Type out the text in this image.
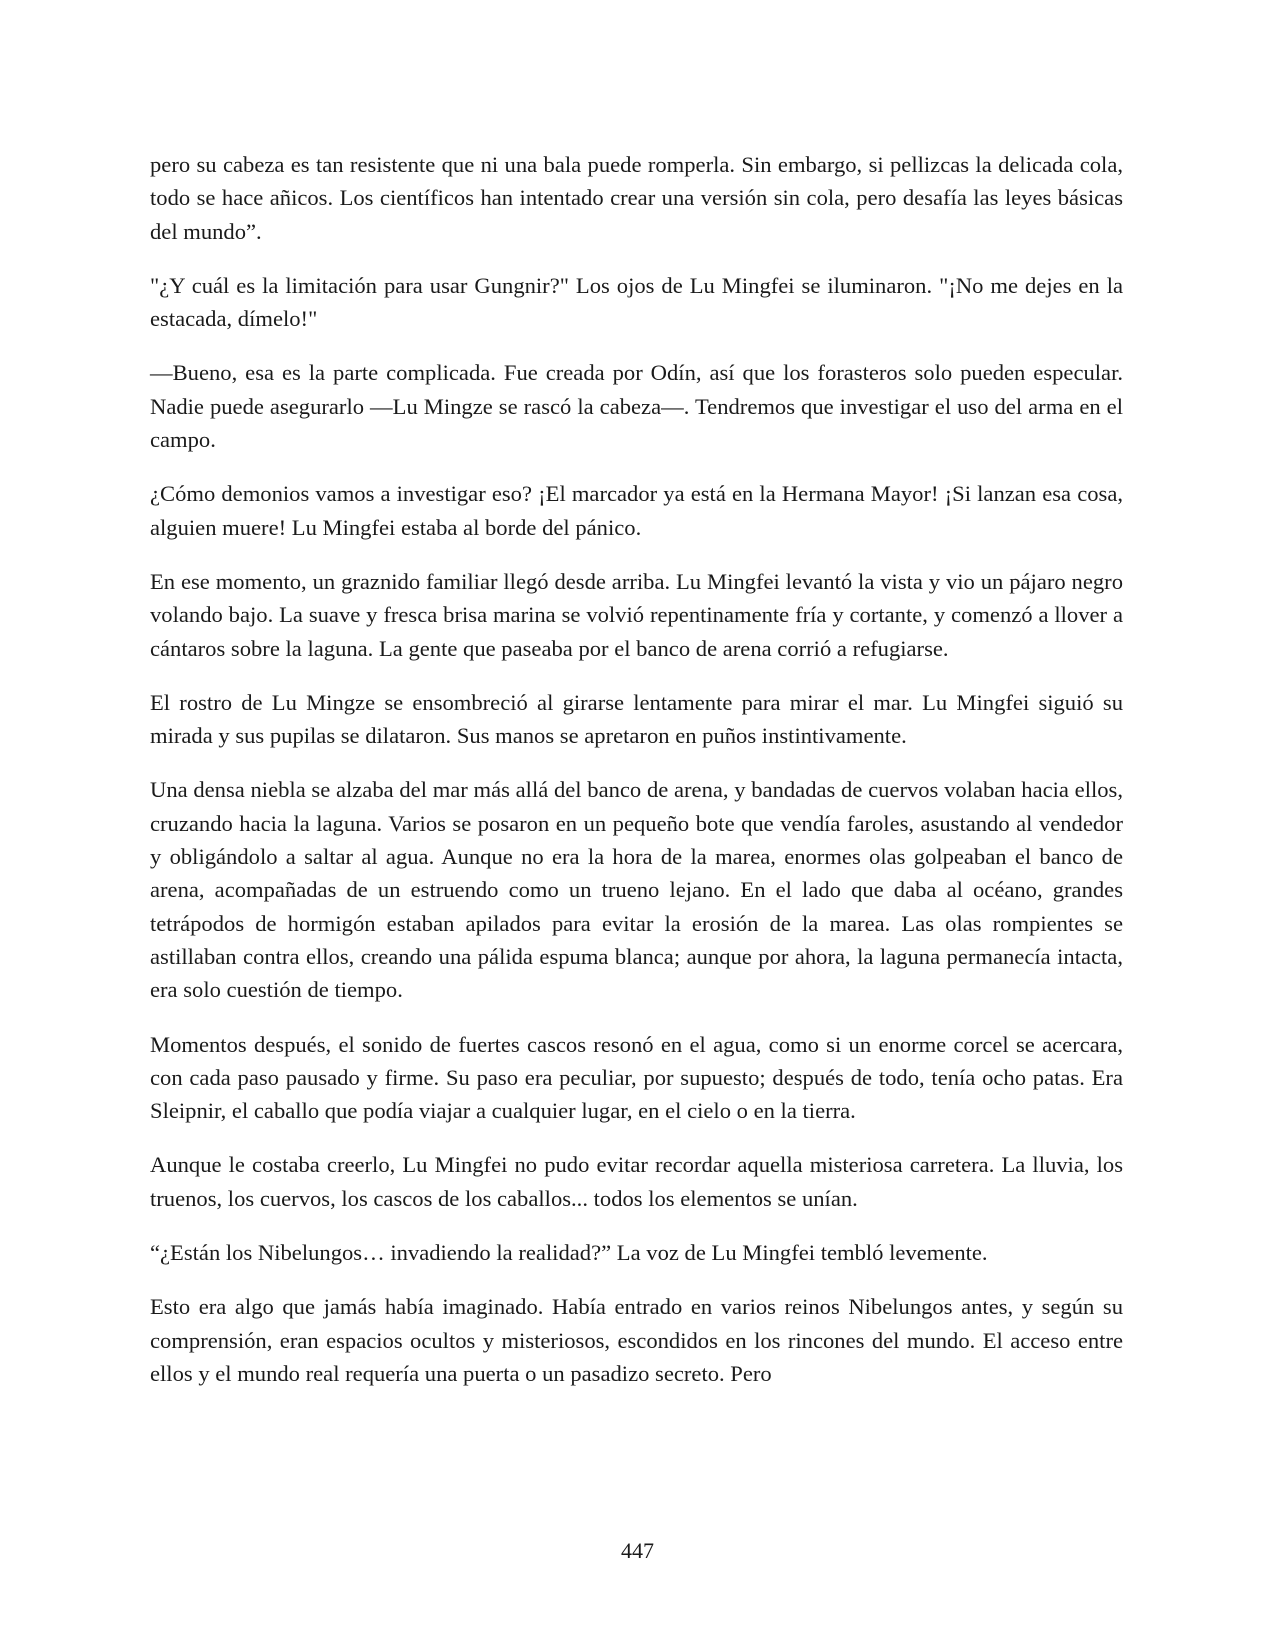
pero su cabeza es tan resistente que ni una bala puede romperla. Sin embargo, si pellizcas la delicada cola, todo se hace añicos. Los científicos han intentado crear una versión sin cola, pero desafía las leyes básicas del mundo”.

"¿Y cuál es la limitación para usar Gungnir?" Los ojos de Lu Mingfei se iluminaron. "¡No me dejes en la estacada, dímelo!"

—Bueno, esa es la parte complicada. Fue creada por Odín, así que los forasteros solo pueden especular. Nadie puede asegurarlo —Lu Mingze se rascó la cabeza—. Tendremos que investigar el uso del arma en el campo.

¿Cómo demonios vamos a investigar eso? ¡El marcador ya está en la Hermana Mayor! ¡Si lanzan esa cosa, alguien muere! Lu Mingfei estaba al borde del pánico.

En ese momento, un graznido familiar llegó desde arriba. Lu Mingfei levantó la vista y vio un pájaro negro volando bajo. La suave y fresca brisa marina se volvió repentinamente fría y cortante, y comenzó a llover a cántaros sobre la laguna. La gente que paseaba por el banco de arena corrió a refugiarse.

El rostro de Lu Mingze se ensombreció al girarse lentamente para mirar el mar. Lu Mingfei siguió su mirada y sus pupilas se dilataron. Sus manos se apretaron en puños instintivamente.

Una densa niebla se alzaba del mar más allá del banco de arena, y bandadas de cuervos volaban hacia ellos, cruzando hacia la laguna. Varios se posaron en un pequeño bote que vendía faroles, asustando al vendedor y obligándolo a saltar al agua. Aunque no era la hora de la marea, enormes olas golpeaban el banco de arena, acompañadas de un estruendo como un trueno lejano. En el lado que daba al océano, grandes tetrápodos de hormigón estaban apilados para evitar la erosión de la marea. Las olas rompientes se astillaban contra ellos, creando una pálida espuma blanca; aunque por ahora, la laguna permanecía intacta, era solo cuestión de tiempo.

Momentos después, el sonido de fuertes cascos resonó en el agua, como si un enorme corcel se acercara, con cada paso pausado y firme. Su paso era peculiar, por supuesto; después de todo, tenía ocho patas. Era Sleipnir, el caballo que podía viajar a cualquier lugar, en el cielo o en la tierra.

Aunque le costaba creerlo, Lu Mingfei no pudo evitar recordar aquella misteriosa carretera. La lluvia, los truenos, los cuervos, los cascos de los caballos... todos los elementos se unían.

“¿Están los Nibelungos… invadiendo la realidad?” La voz de Lu Mingfei tembló levemente.

Esto era algo que jamás había imaginado. Había entrado en varios reinos Nibelungos antes, y según su comprensión, eran espacios ocultos y misteriosos, escondidos en los rincones del mundo. El acceso entre ellos y el mundo real requería una puerta o un pasadizo secreto. Pero

447
